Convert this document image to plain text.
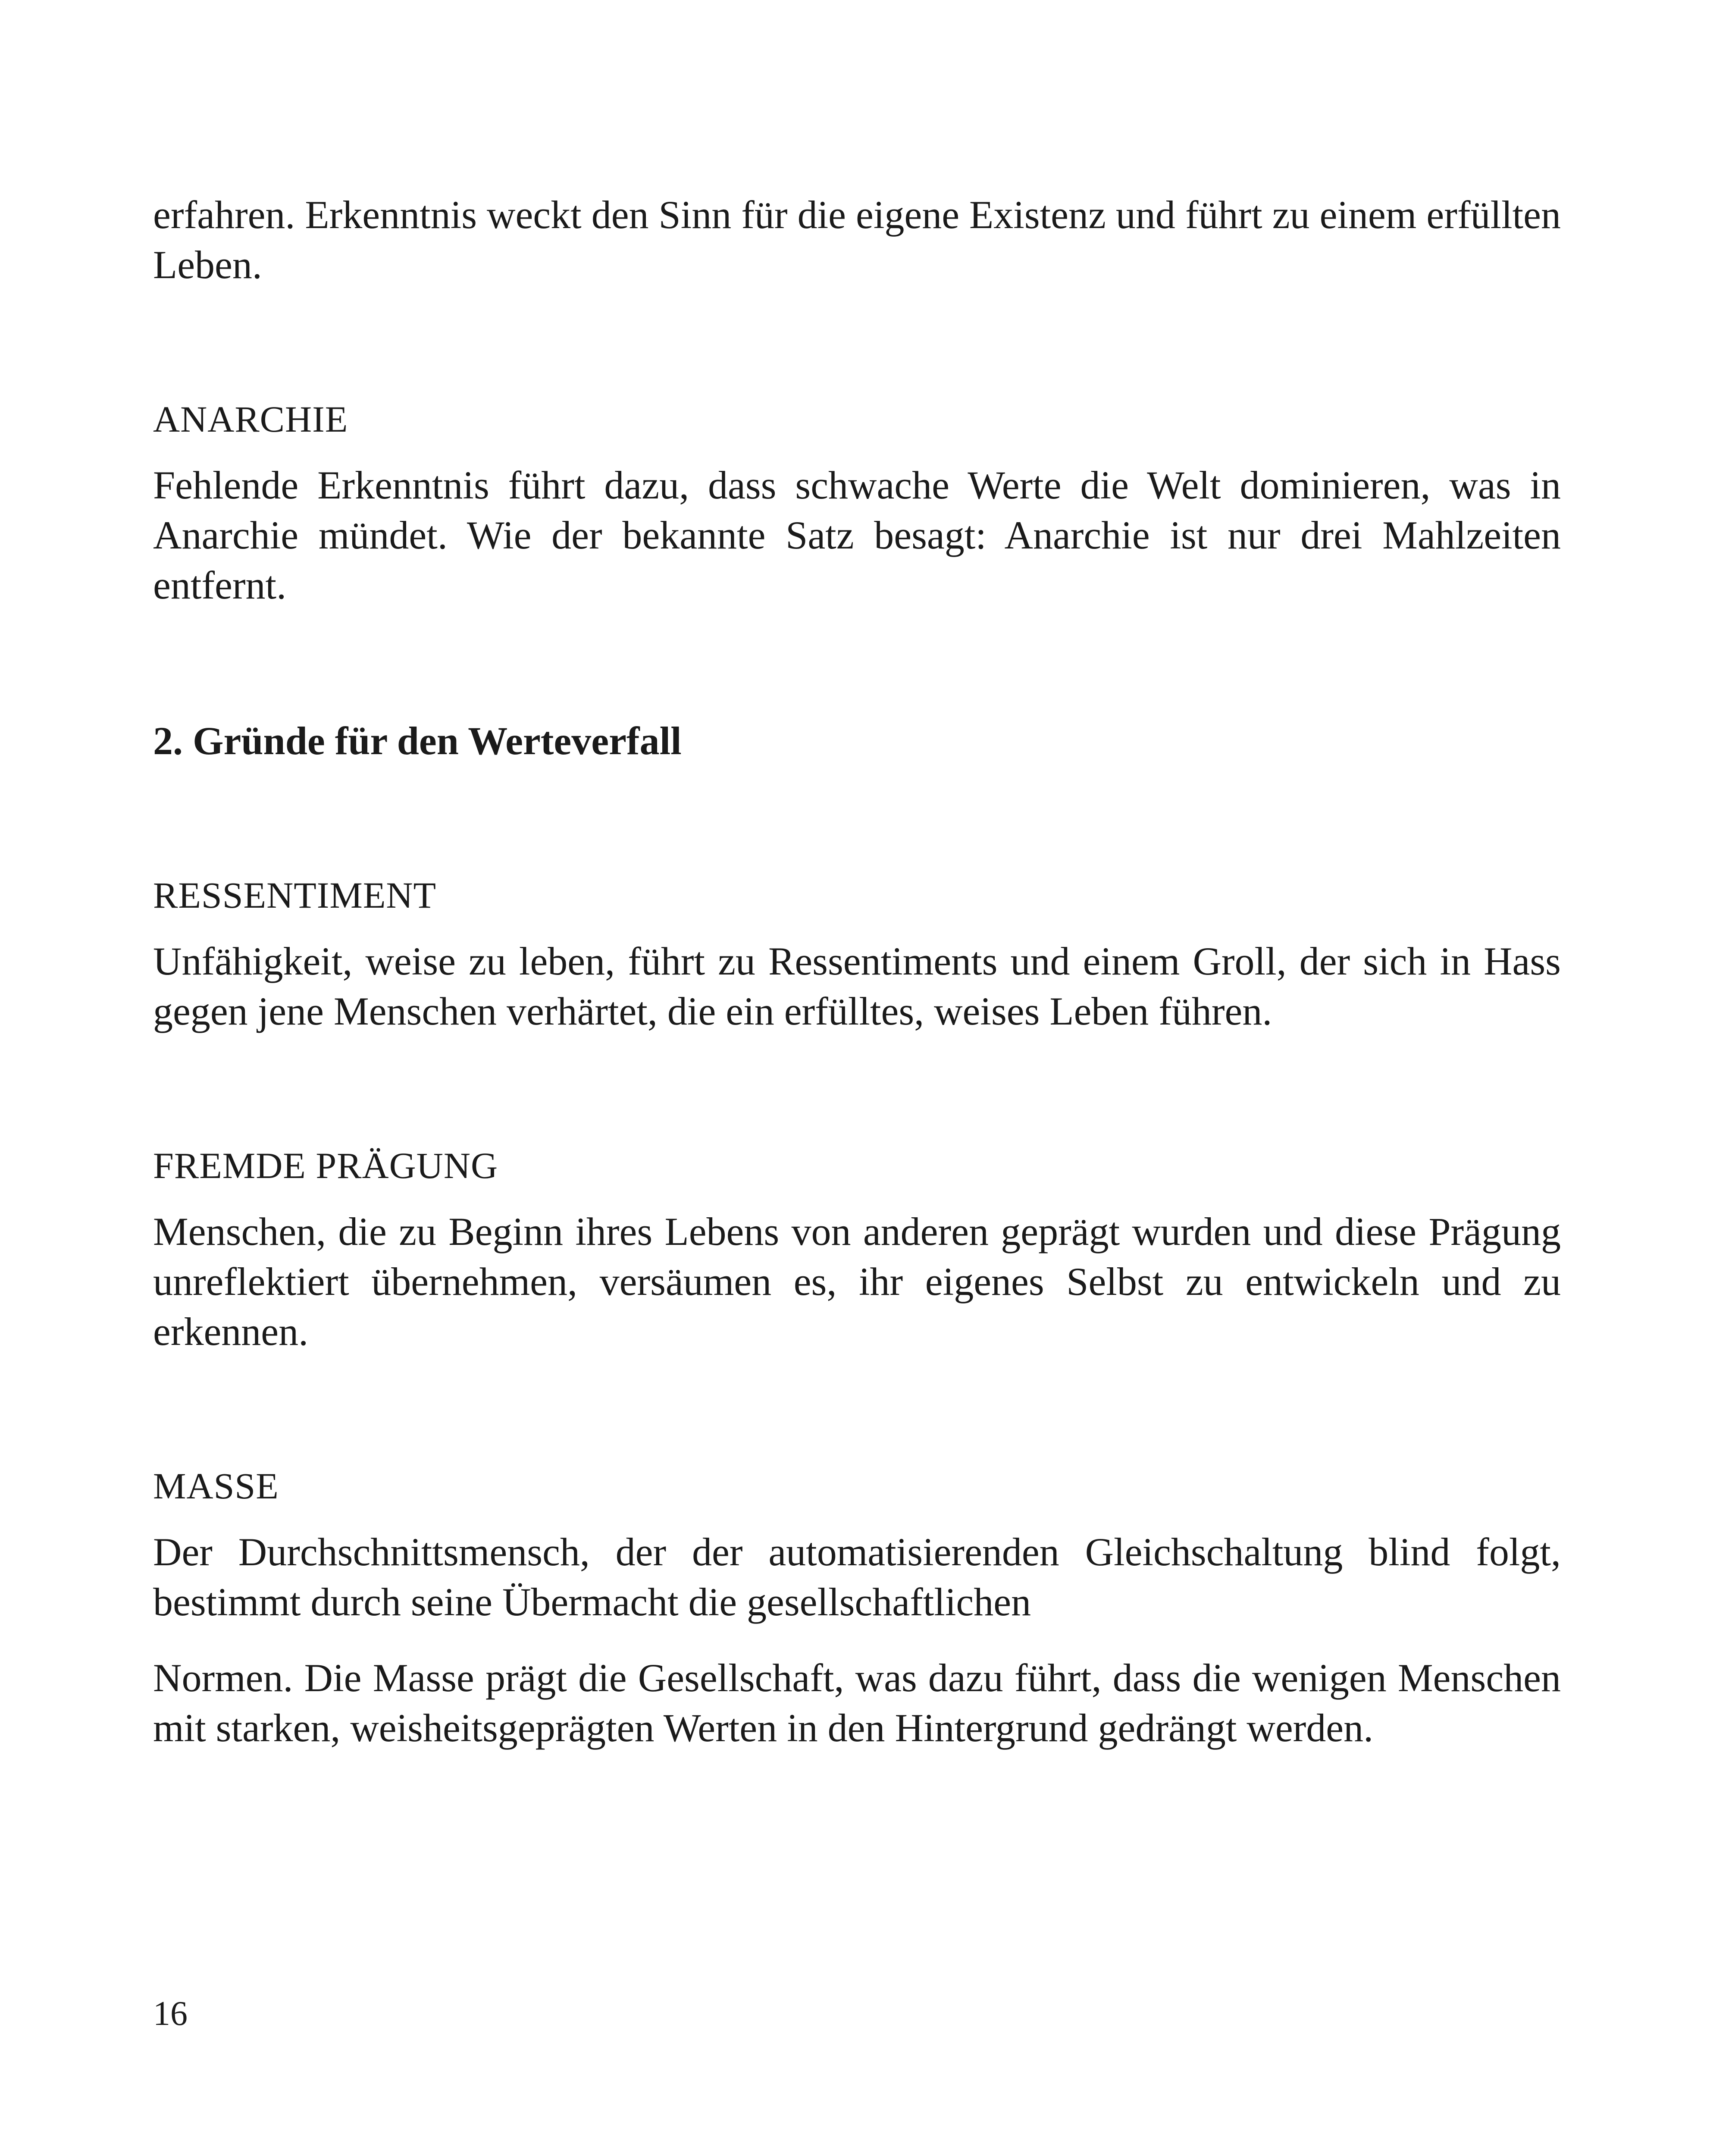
erfahren. Erkenntnis weckt den Sinn für die eigene Existenz und führt zu einem erfüllten Leben.

ANARCHIE

Fehlende Erkenntnis führt dazu, dass schwache Werte die Welt dominieren, was in Anarchie mündet. Wie der bekannte Satz besagt: Anarchie ist nur drei Mahlzeiten entfernt.

2. Gründe für den Werteverfall

RESSENTIMENT

Unfähigkeit, weise zu leben, führt zu Ressentiments und einem Groll, der sich in Hass gegen jene Menschen verhärtet, die ein erfülltes, weises Leben führen.

FREMDE PRÄGUNG

Menschen, die zu Beginn ihres Lebens von anderen geprägt wurden und diese Prägung unreflektiert übernehmen, versäumen es, ihr eigenes Selbst zu entwickeln und zu erkennen.

MASSE

Der Durchschnittsmensch, der der automatisierenden Gleichschaltung blind folgt, bestimmt durch seine Übermacht die gesellschaftlichen

Normen. Die Masse prägt die Gesellschaft, was dazu führt, dass die wenigen Menschen mit starken, weisheitsgeprägten Werten in den Hintergrund gedrängt werden.

16
